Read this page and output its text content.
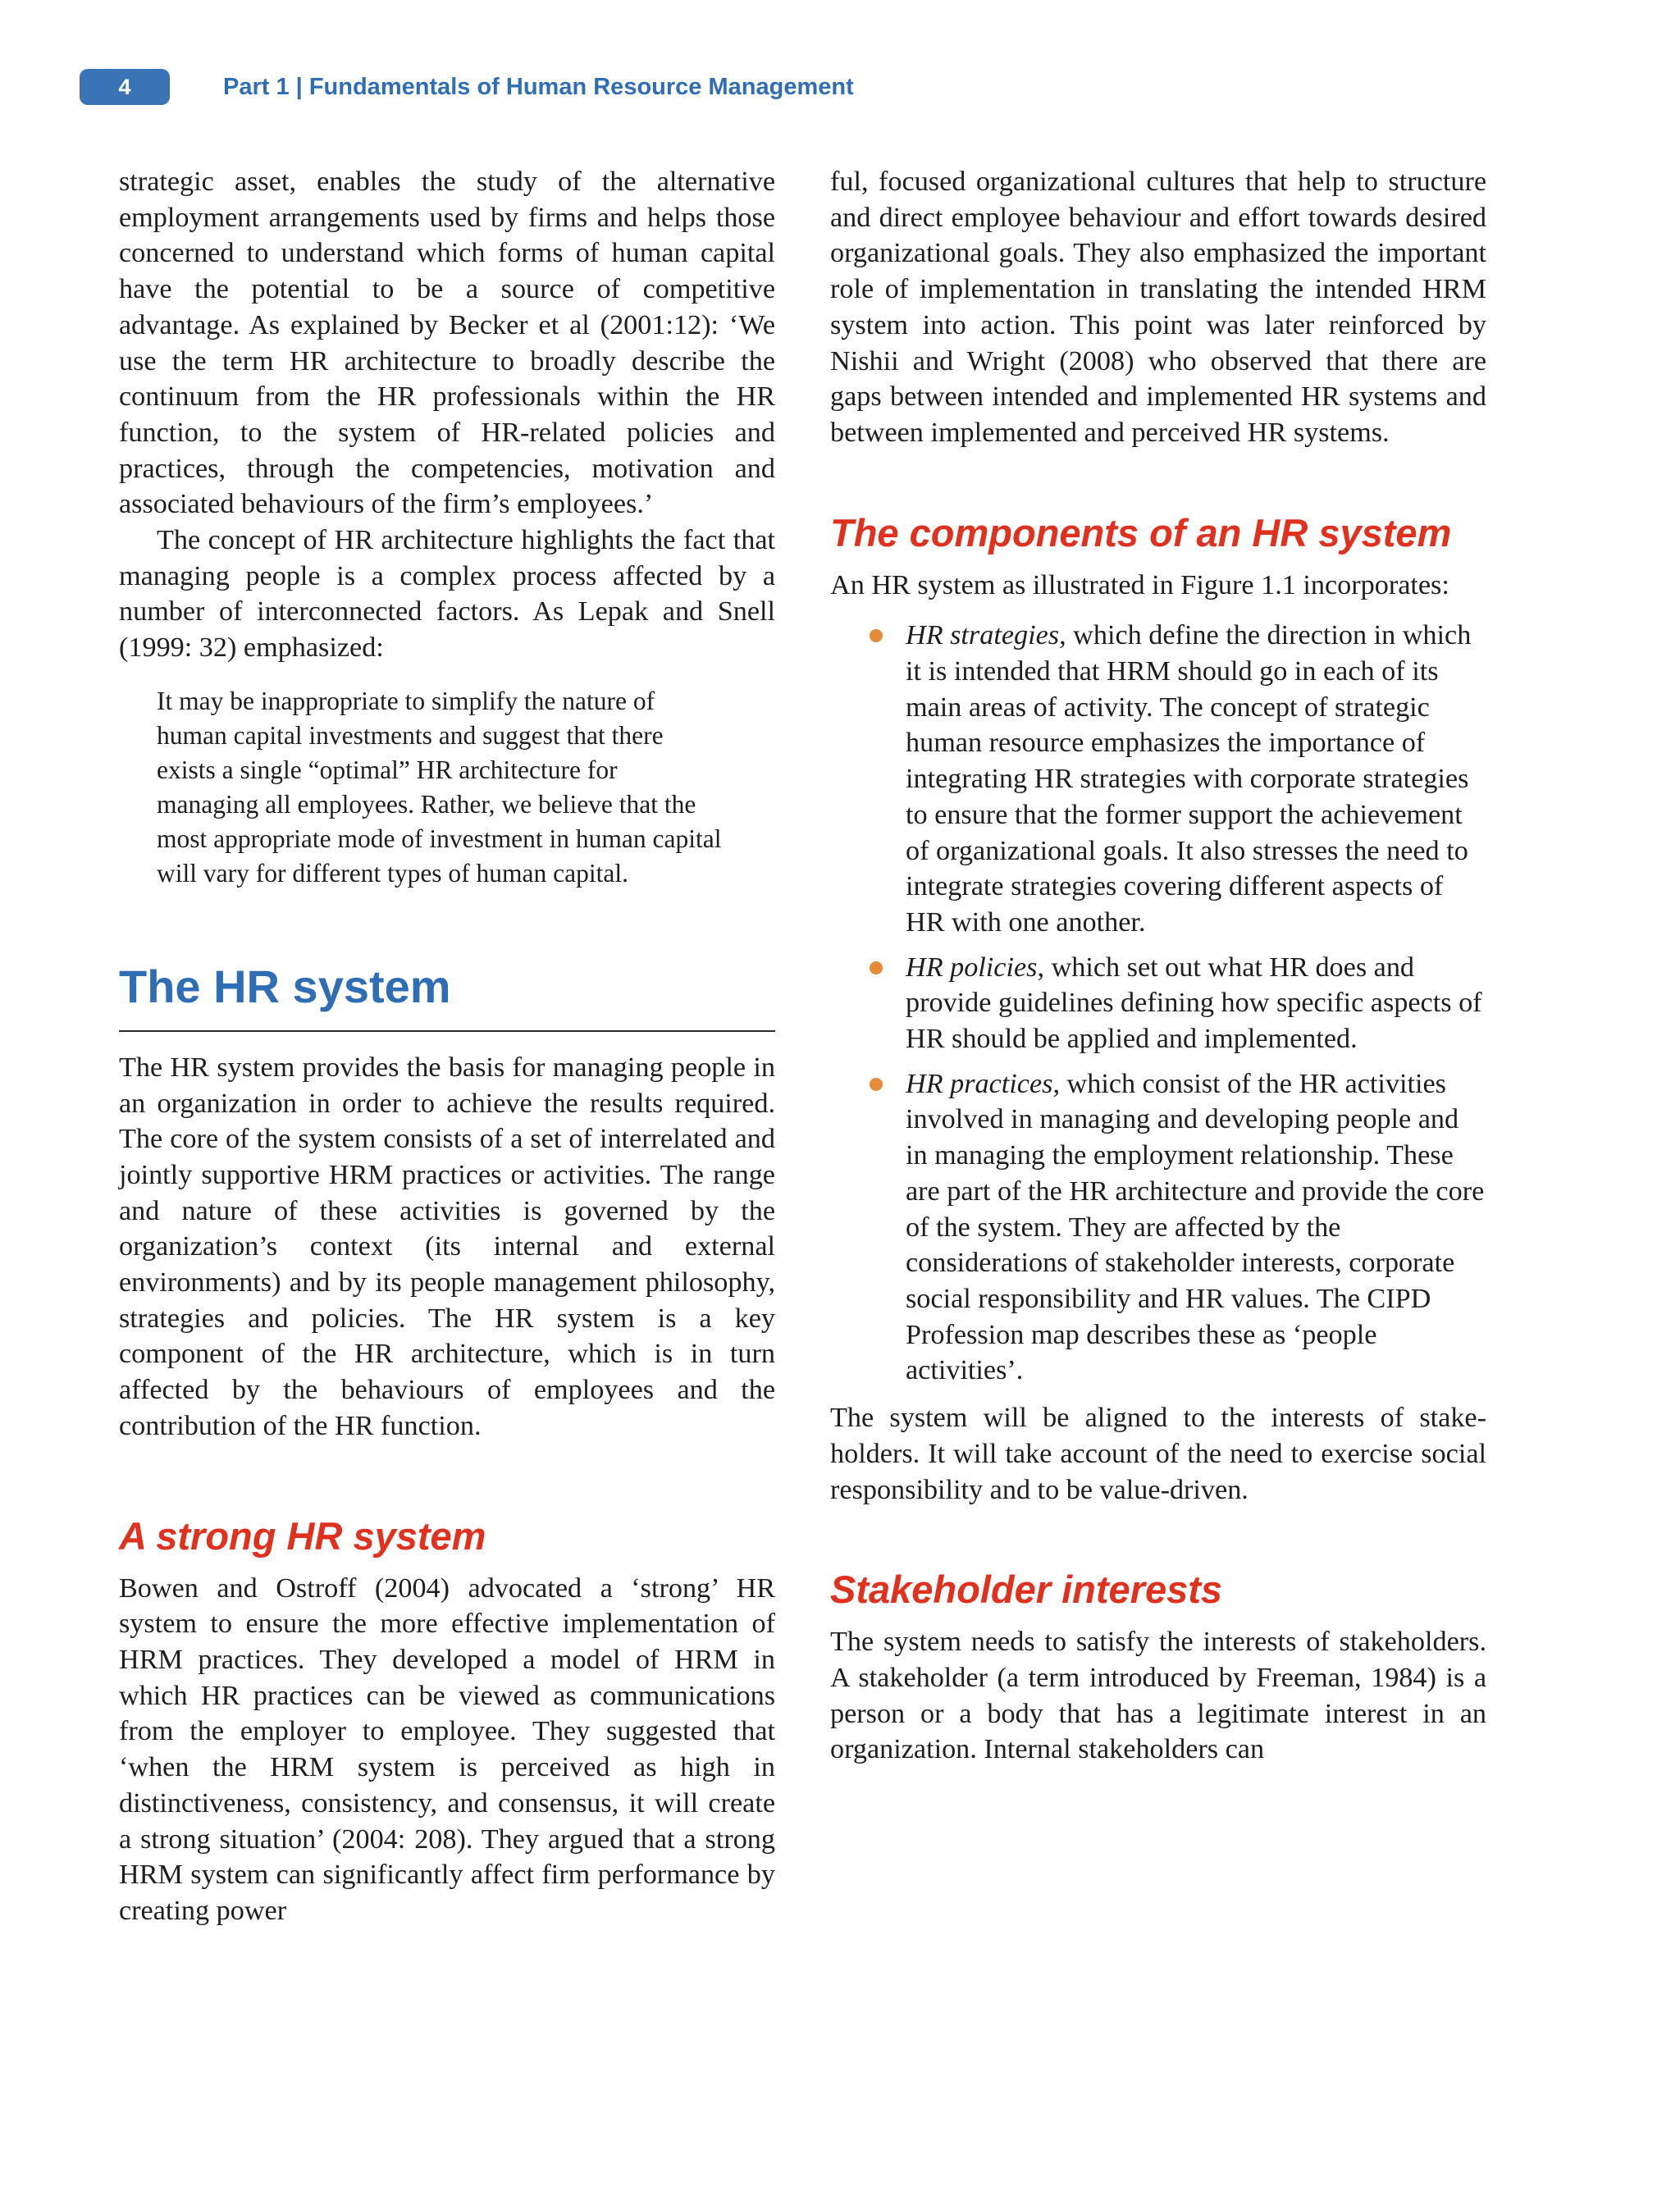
4	Part 1 | Fundamentals of Human Resource Management

strategic asset, enables the study of the alternative employment arrangements used by firms and helps those concerned to understand which forms of human capital have the potential to be a source of competitive advantage. As explained by Becker et al (2001:12): ‘We use the term HR architecture to broadly describe the continuum from the HR professionals within the HR function, to the system of HR-related policies and practices, through the competencies, motivation and associated behaviours of the firm’s employees.’

The concept of HR architecture highlights the fact that managing people is a complex process affected by a number of interconnected factors. As Lepak and Snell (1999: 32) emphasized:

It may be inappropriate to simplify the nature of human capital investments and suggest that there exists a single “optimal” HR architecture for managing all employees. Rather, we believe that the most appropriate mode of investment in human capital will vary for different types of human capital.
The HR system

The HR system provides the basis for managing people in an organization in order to achieve the results required. The core of the system consists of a set of interrelated and jointly supportive HRM practices or activities. The range and nature of these activities is governed by the organization’s context (its internal and external environments) and by its people management philosophy, strategies and policies. The HR system is a key component of the HR architecture, which is in turn affected by the behaviours of employees and the contribution of the HR function.

A strong HR system

Bowen and Ostroff (2004) advocated a ‘strong’ HR system to ensure the more effective implementation of HRM practices. They developed a model of HRM in which HR practices can be viewed as communications from the employer to employee. They suggested that ‘when the HRM system is perceived as high in distinctiveness, consistency, and consensus, it will create a strong situation’ (2004: 208). They argued that a strong HRM system can significantly affect firm performance by creating power

ful, focused organizational cultures that help to structure and direct employee behaviour and effort towards desired organizational goals. They also emphasized the important role of implementation in translating the intended HRM system into action. This point was later reinforced by Nishii and Wright (2008) who observed that there are gaps between intended and implemented HR systems and between implemented and perceived HR systems.

The components of an HR system

An HR system as illustrated in Figure 1.1 incorporates:

HR strategies, which define the direction in which it is intended that HRM should go in each of its main areas of activity. The concept of strategic human resource emphasizes the importance of integrating HR strategies with corporate strategies to ensure that the former support the achievement of organizational goals. It also stresses the need to integrate strategies covering different aspects of HR with one another.
HR policies, which set out what HR does and provide guidelines defining how specific aspects of HR should be applied and implemented.
HR practices, which consist of the HR activities involved in managing and developing people and in managing the employment relationship. These are part of the HR architecture and provide the core of the system. They are affected by the considerations of stakeholder interests, corporate social responsibility and HR values. The CIPD Profession map describes these as ‘people activities’.

The system will be aligned to the interests of stakeholders. It will take account of the need to exercise social responsibility and to be value-driven.

Stakeholder interests

The system needs to satisfy the interests of stakeholders. A stakeholder (a term introduced by Freeman, 1984) is a person or a body that has a legitimate interest in an organization. Internal stakeholders can
